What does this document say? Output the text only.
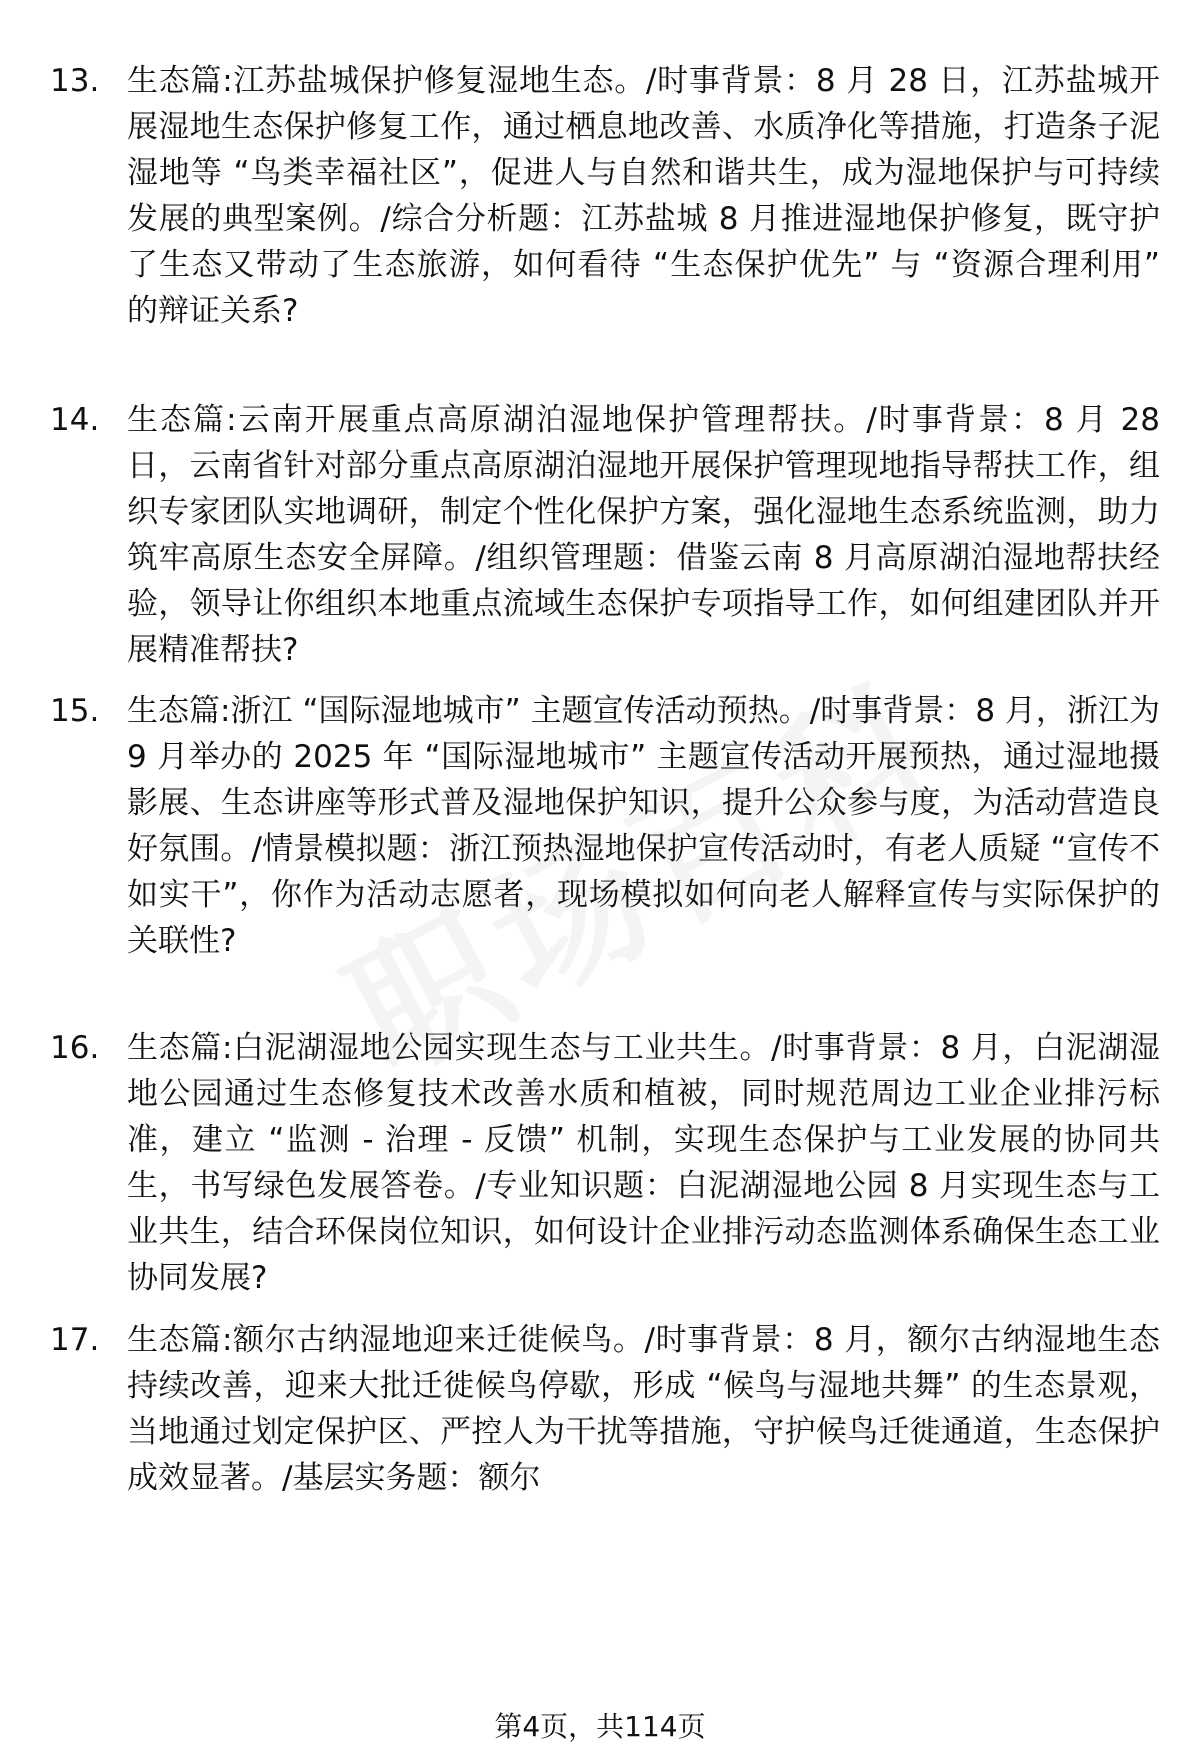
13. 生态篇:江苏盐城保护修复湿地生态。/时事背景：8 月 28 日，江苏盐城开展湿地生态保护修复工作，通过栖息地改善、水质净化等措施，打造条子泥湿地等 “鸟类幸福社区”，促进人与自然和谐共生，成为湿地保护与可持续发展的典型案例。/综合分析题：江苏盐城 8 月推进湿地保护修复，既守护了生态又带动了生态旅游，如何看待 “生态保护优先” 与 “资源合理利用” 的辩证关系?
14. 生态篇:云南开展重点高原湖泊湿地保护管理帮扶。/时事背景：8 月 28 日，云南省针对部分重点高原湖泊湿地开展保护管理现地指导帮扶工作，组织专家团队实地调研，制定个性化保护方案，强化湿地生态系统监测，助力筑牢高原生态安全屏障。/组织管理题：借鉴云南 8 月高原湖泊湿地帮扶经验，领导让你组织本地重点流域生态保护专项指导工作，如何组建团队并开展精准帮扶?
15. 生态篇:浙江 “国际湿地城市” 主题宣传活动预热。/时事背景：8 月，浙江为 9 月举办的 2025 年 “国际湿地城市” 主题宣传活动开展预热，通过湿地摄影展、生态讲座等形式普及湿地保护知识，提升公众参与度，为活动营造良好氛围。/情景模拟题：浙江预热湿地保护宣传活动时，有老人质疑 “宣传不如实干”，你作为活动志愿者，现场模拟如何向老人解释宣传与实际保护的关联性?
16. 生态篇:白泥湖湿地公园实现生态与工业共生。/时事背景：8 月，白泥湖湿地公园通过生态修复技术改善水质和植被，同时规范周边工业企业排污标准，建立 “监测 - 治理 - 反馈” 机制，实现生态保护与工业发展的协同共生，书写绿色发展答卷。/专业知识题：白泥湖湿地公园 8 月实现生态与工业共生，结合环保岗位知识，如何设计企业排污动态监测体系确保生态工业协同发展?
17. 生态篇:额尔古纳湿地迎来迁徙候鸟。/时事背景：8 月，额尔古纳湿地生态持续改善，迎来大批迁徙候鸟停歇，形成 “候鸟与湿地共舞” 的生态景观，当地通过划定保护区、严控人为干扰等措施，守护候鸟迁徙通道，生态保护成效显著。/基层实务题：额尔
第4页，共114页
